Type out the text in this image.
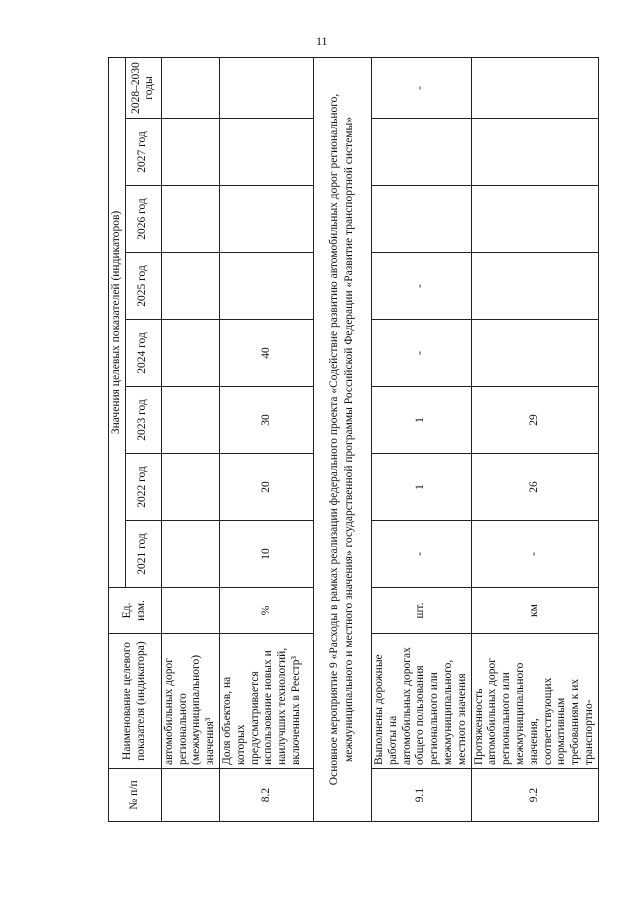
11
№ п/п	Наименование целевого показателя (индикатора)	Ед. изм.	Значения целевых показателей (индикаторов)							
			2021 год	2022 год	2023 год	2024 год	2025 год	2026 год	2027 год	2028–2030 годы
	автомобильных дорог регионального (межмуниципального) значения³									
8.2	Доля объектов, на которых предусматривается использование новых и наилучших технологий, включенных в Реестр³	%	10	20	30	40				
Основное мероприятие 9 «Расходы в рамках реализации федерального проекта «Содействие развитию автомобильных дорог регионального, межмуниципального и местного значения» государственной программы Российской Федерации «Развитие транспортной системы»										
9.1	Выполнены дорожные работы на автомобильных дорогах общего пользования регионального или межмуниципального, местного значения	шт.	-	1	1	-	-			-
9.2	Протяженность автомобильных дорог регионального или межмуниципального значения, соответствующих нормативным требованиям к их транспортно-	км	-	26	29					
